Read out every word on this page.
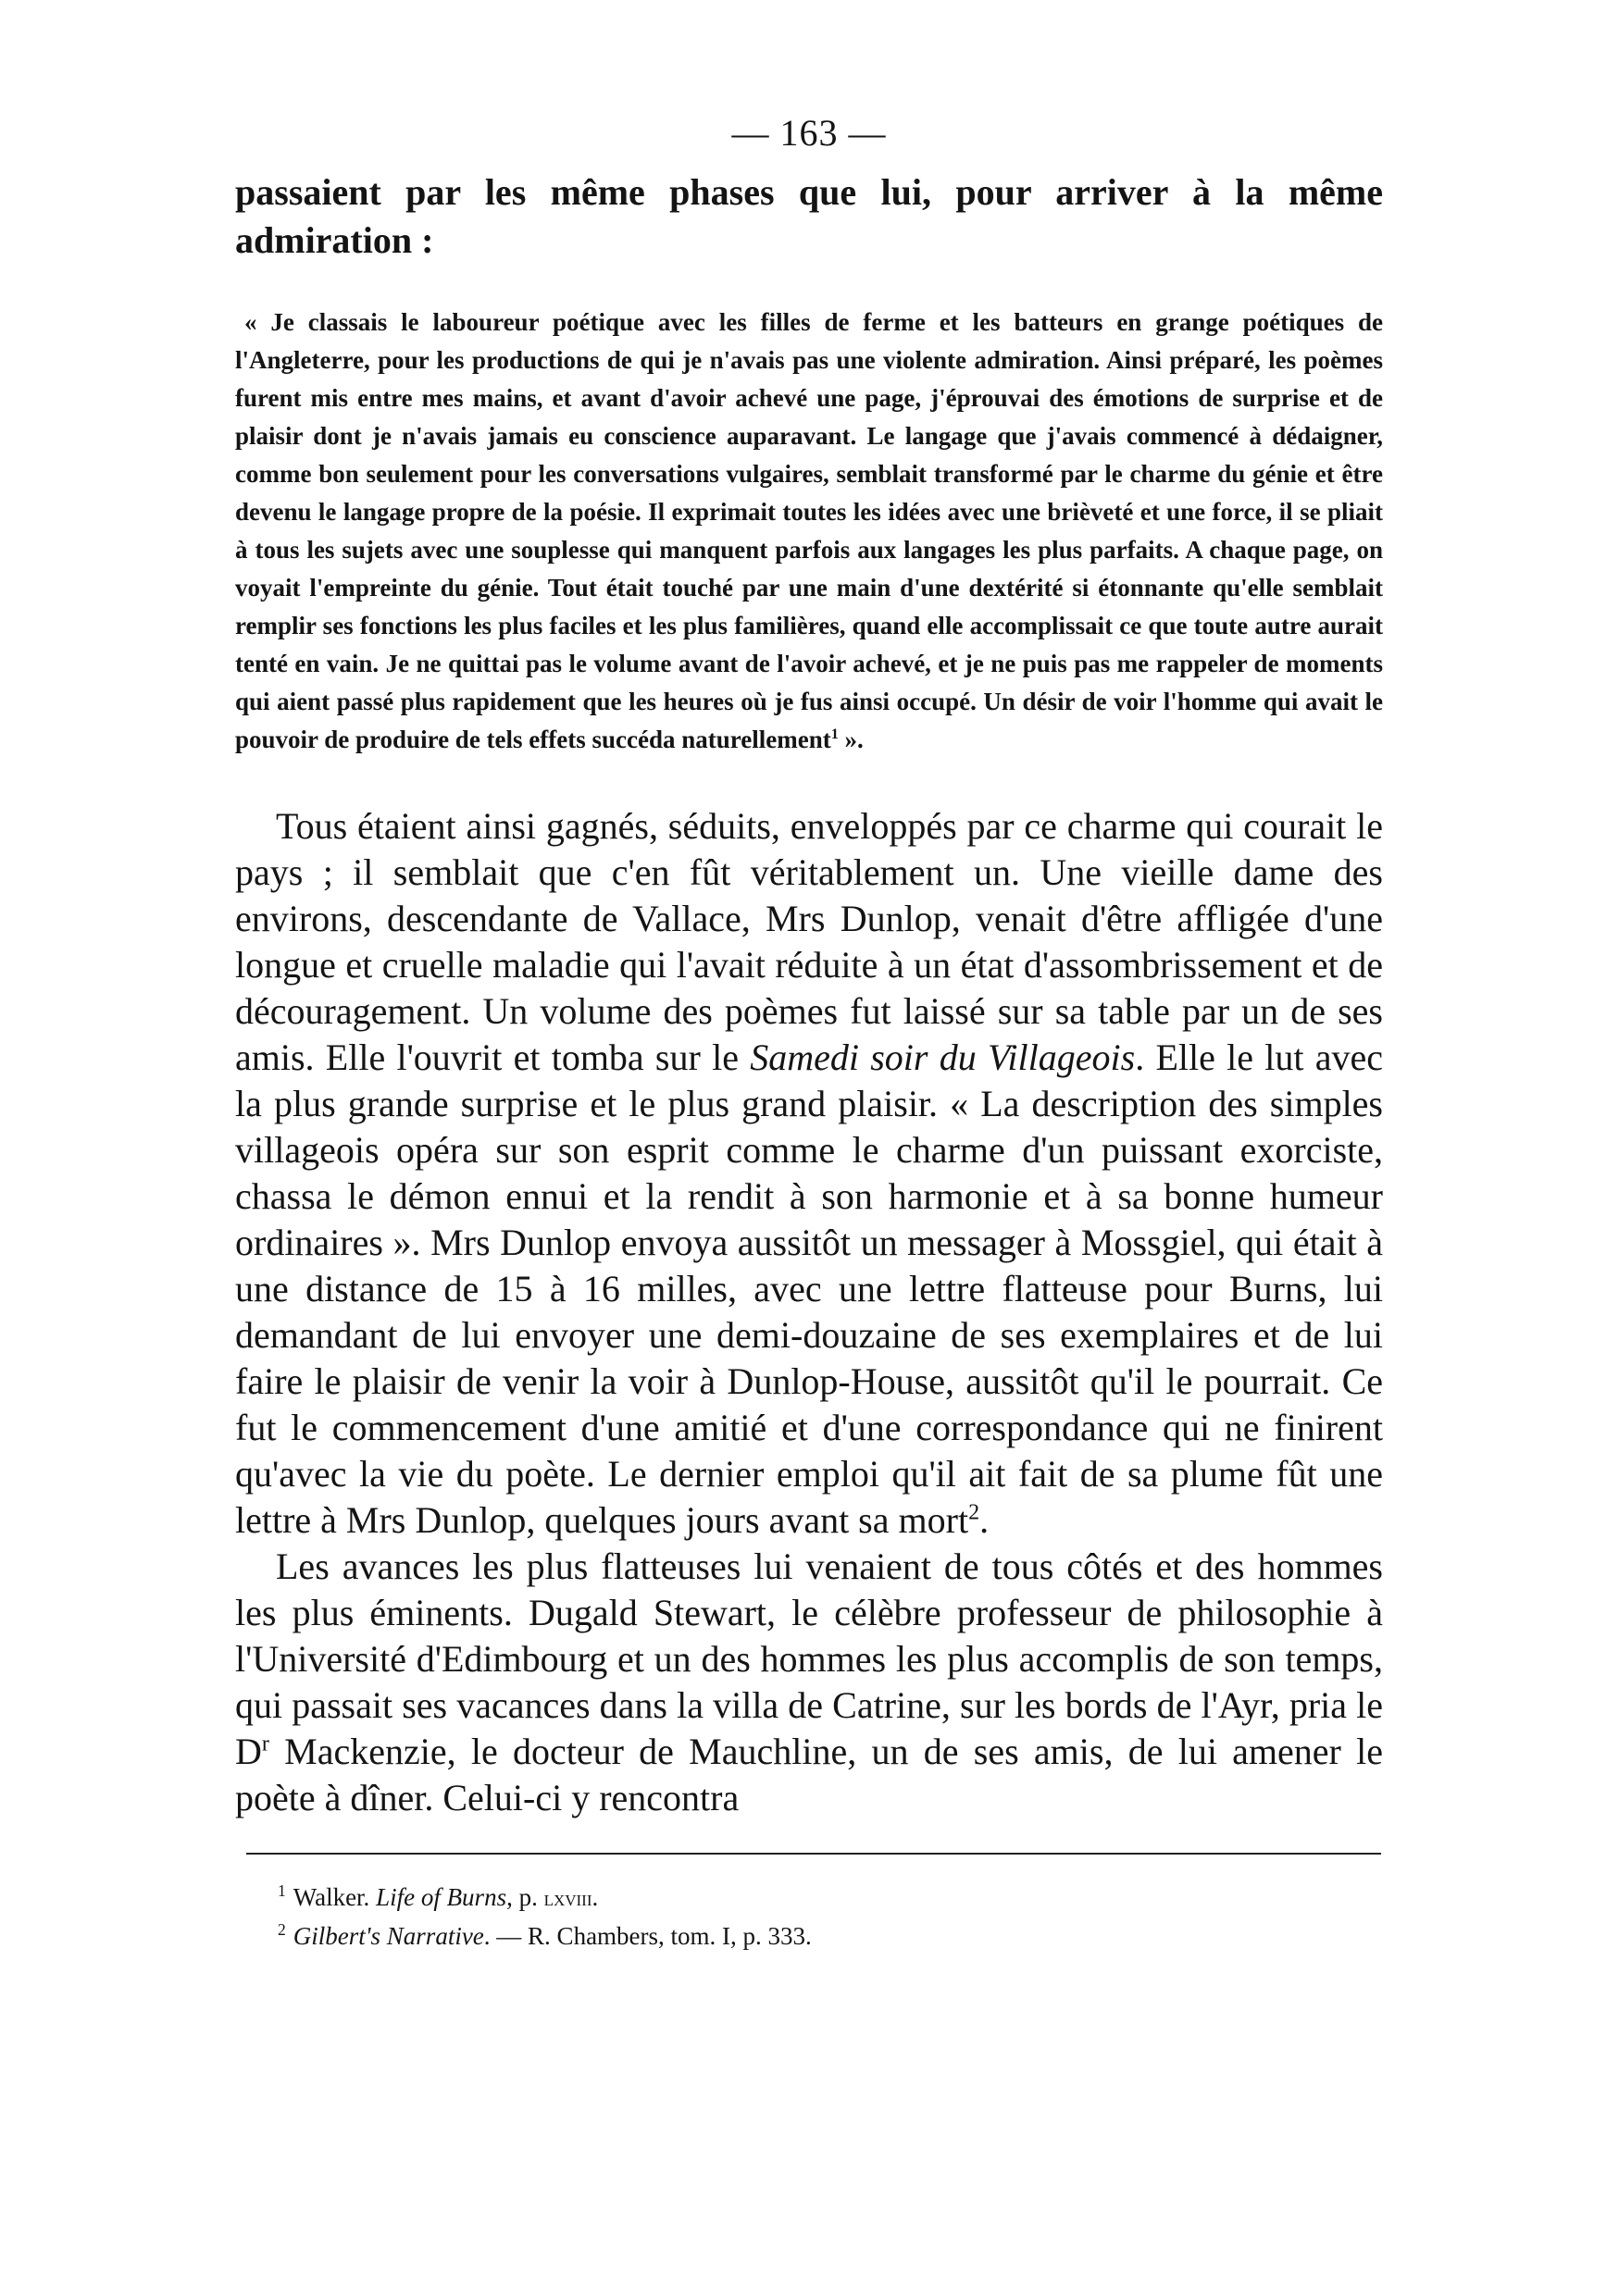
— 163 —

passaient par les même phases que lui, pour arriver à la même admiration :

« Je classais le laboureur poétique avec les filles de ferme et les batteurs en grange poétiques de l'Angleterre, pour les productions de qui je n'avais pas une violente admiration. Ainsi préparé, les poèmes furent mis entre mes mains, et avant d'avoir achevé une page, j'éprouvai des émotions de surprise et de plaisir dont je n'avais jamais eu conscience auparavant. Le langage que j'avais commencé à dédaigner, comme bon seulement pour les conversations vulgaires, semblait transformé par le charme du génie et être devenu le langage propre de la poésie. Il exprimait toutes les idées avec une brièveté et une force, il se pliait à tous les sujets avec une souplesse qui manquent parfois aux langages les plus parfaits. A chaque page, on voyait l'empreinte du génie. Tout était touché par une main d'une dextérité si étonnante qu'elle semblait remplir ses fonctions les plus faciles et les plus familières, quand elle accomplissait ce que toute autre aurait tenté en vain. Je ne quittai pas le volume avant de l'avoir achevé, et je ne puis pas me rappeler de moments qui aient passé plus rapidement que les heures où je fus ainsi occupé. Un désir de voir l'homme qui avait le pouvoir de produire de tels effets succéda naturellement$^1$ ».

Tous étaient ainsi gagnés, séduits, enveloppés par ce charme qui courait le pays ; il semblait que c'en fût véritablement un. Une vieille dame des environs, descendante de Vallace, Mrs Dunlop, venait d'être affligée d'une longue et cruelle maladie qui l'avait réduite à un état d'assombrissement et de découragement. Un volume des poèmes fut laissé sur sa table par un de ses amis. Elle l'ouvrit et tomba sur le Samedi soir du Villageois. Elle le lut avec la plus grande surprise et le plus grand plaisir. « La description des simples villageois opéra sur son esprit comme le charme d'un puissant exorciste, chassa le démon ennui et la rendit à son harmonie et à sa bonne humeur ordinaires ». Mrs Dunlop envoya aussitôt un messager à Mossgiel, qui était à une distance de 15 à 16 milles, avec une lettre flatteuse pour Burns, lui demandant de lui envoyer une demi-douzaine de ses exemplaires et de lui faire le plaisir de venir la voir à Dunlop-House, aussitôt qu'il le pourrait. Ce fut le commencement d'une amitié et d'une correspondance qui ne finirent qu'avec la vie du poète. Le dernier emploi qu'il ait fait de sa plume fût une lettre à Mrs Dunlop, quelques jours avant sa mort$^2$.

Les avances les plus flatteuses lui venaient de tous côtés et des hommes les plus éminents. Dugald Stewart, le célèbre professeur de philosophie à l'Université d'Edimbourg et un des hommes les plus accomplis de son temps, qui passait ses vacances dans la villa de Catrine, sur les bords de l'Ayr, pria le $D^r$ Mackenzie, le docteur de Mauchline, un de ses amis, de lui amener le poète à dîner. Celui-ci y rencontra

$^1$ Walker. Life of Burns, p. lxviii.

$^2$ Gilbert's Narrative. — R. Chambers, tom. I, p. 333.
